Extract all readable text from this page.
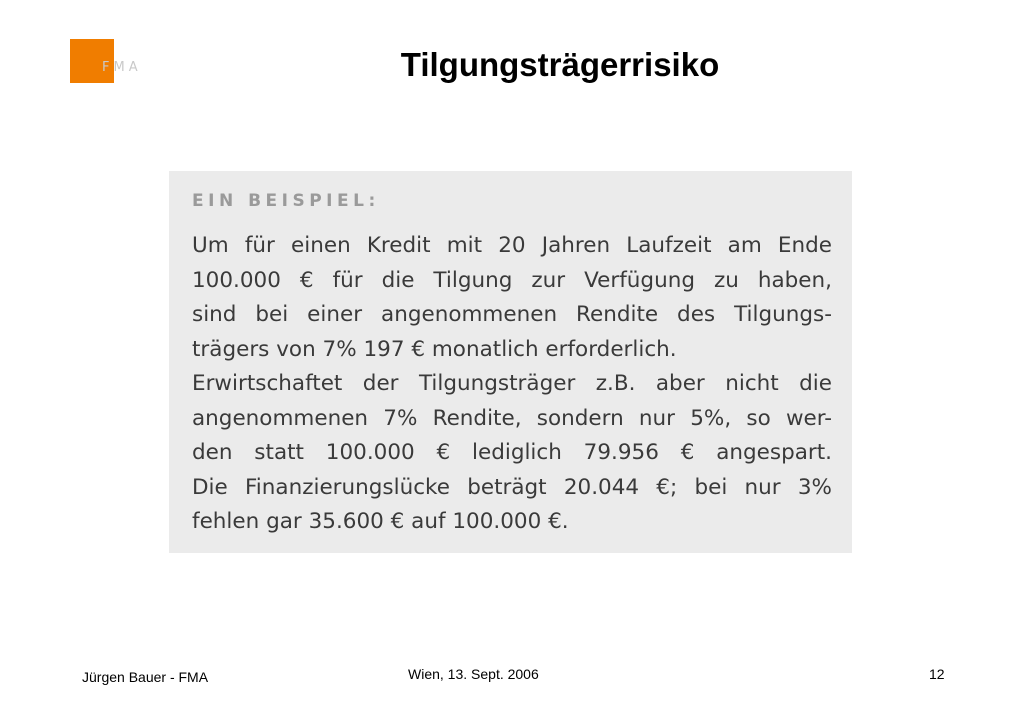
FMA	Tilgungsträgerrisiko
EIN BEISPIEL:
Um für einen Kredit mit 20 Jahren Laufzeit am Ende
100.000 € für die Tilgung zur Verfügung zu haben,
sind bei einer angenommenen Rendite des Tilgungs-
trägers von 7% 197 € monatlich erforderlich.
Erwirtschaftet der Tilgungsträger z.B. aber nicht die
angenommenen 7% Rendite, sondern nur 5%, so wer-
den statt 100.000 € lediglich 79.956 € angespart.
Die Finanzierungslücke beträgt 20.044 €; bei nur 3%
fehlen gar 35.600 € auf 100.000 €.
Jürgen Bauer - FMA	Wien, 13. Sept. 2006	12
